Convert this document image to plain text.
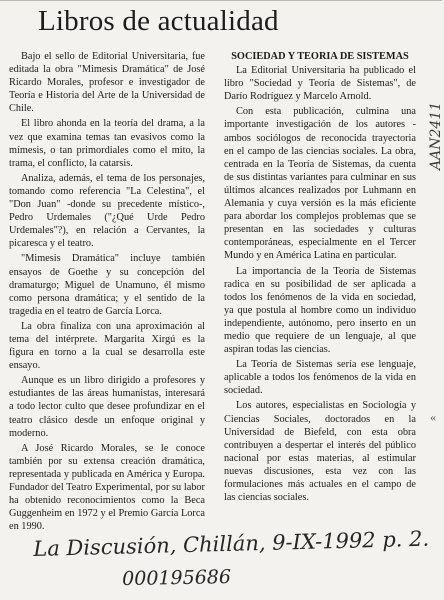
Libros de actualidad

Bajo el sello de Editorial Universitaria, fue editada la obra "Mimesis Dramática" de José Ricardo Morales, profesor e investigador de Teoría e Historia del Arte de la Universidad de Chile.

El libro ahonda en la teoría del drama, a la vez que examina temas tan evasivos como la mímesis, o tan primordiales como el mito, la trama, el conflicto, la catarsis.

Analiza, además, el tema de los personajes, tomando como referencia "La Celestina", el "Don Juan" -donde su precedente místico-, Pedro Urdemales ("¿Qué Urde Pedro Urdemales"?), en relación a Cervantes, la picaresca y el teatro.

"Mimesis Dramática" incluye también ensayos de Goethe y su concepción del dramaturgo; Miguel de Unamuno, él mismo como persona dramática; y el sentido de la tragedia en el teatro de García Lorca.

La obra finaliza con una aproximación al tema del intérprete. Margarita Xirgú es la figura en torno a la cual se desarrolla este ensayo.

Aunque es un libro dirigido a profesores y estudiantes de las áreas humanistas, interesará a todo lector culto que desee profundizar en el teatro clásico desde un enfoque original y moderno.

A José Ricardo Morales, se le conoce también por su extensa creación dramática, representada y publicada en América y Europa. Fundador del Teatro Experimental, por su labor ha obtenido reconocimientos como la Beca Guggenheim en 1972 y el Premio García Lorca en 1990.

SOCIEDAD Y TEORIA DE SISTEMAS

La Editorial Universitaria ha publicado el libro "Sociedad y Teoría de Sistemas", de Darío Rodríguez y Marcelo Arnold.

Con esta publicación, culmina una importante investigación de los autores -ambos sociólogos de reconocida trayectoria en el campo de las ciencias sociales. La obra, centrada en la Teoría de Sistemas, da cuenta de sus distintas variantes para culminar en sus últimos alcances realizados por Luhmann en Alemania y cuya versión es la más eficiente para abordar los complejos problemas que se presentan en las sociedades y culturas contemporáneas, especialmente en el Tercer Mundo y en América Latina en particular.

La importancia de la Teoría de Sistemas radica en su posibilidad de ser aplicada a todos los fenómenos de la vida en sociedad, ya que postula al hombre como un individuo independiente, autónomo, pero inserto en un medio que requiere de un lenguaje, al que aspiran todas las ciencias.

La Teoría de Sistemas sería ese lenguaje, aplicable a todos los fenómenos de la vida en sociedad.

Los autores, especialistas en Sociología y Ciencias Sociales, doctorados en la Universidad de Biefeld, con esta obra contribuyen a despertar el interés del público nacional por estas materias, al estimular nuevas discusiones, esta vez con las formulaciones más actuales en el campo de las ciencias sociales.

AAN2411
«
La Discusión, Chillán, 9-IX-1992 p. 2.
000195686
